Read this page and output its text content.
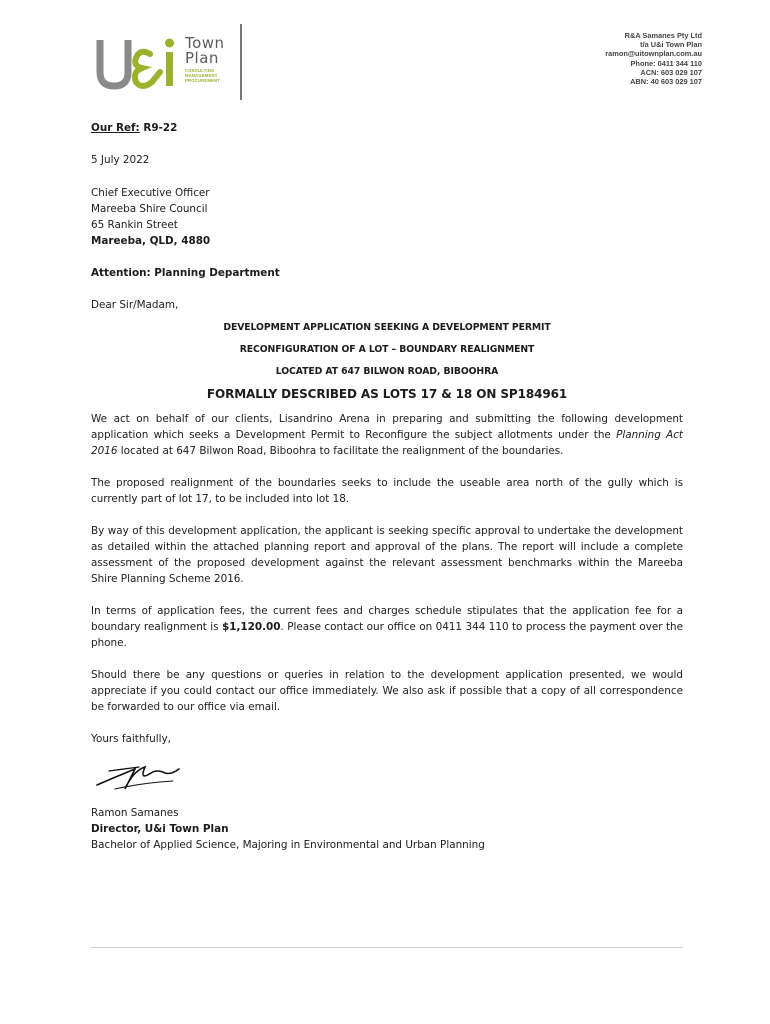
Town
Plan
CONSULTING
MANAGEMENT
PROCUREMENT
R&A Samanes Pty Ltd
t/a U&i Town Plan
ramon@uitownplan.com.au
Phone: 0411 344 110
ACN: 603 029 107
ABN: 40 603 029 107
Our Ref: R9-22
5 July 2022
Chief Executive Officer
Mareeba Shire Council
65 Rankin Street
Mareeba, QLD, 4880
Attention: Planning Department
Dear Sir/Madam,
DEVELOPMENT APPLICATION SEEKING A DEVELOPMENT PERMIT
RECONFIGURATION OF A LOT – BOUNDARY REALIGNMENT
LOCATED AT 647 BILWON ROAD, BIBOOHRA
FORMALLY DESCRIBED AS LOTS 17 & 18 ON SP184961
We act on behalf of our clients, Lisandrino Arena in preparing and submitting the following development application which seeks a Development Permit to Reconfigure the subject allotments under the Planning Act 2016 located at 647 Bilwon Road, Biboohra to facilitate the realignment of the boundaries.
The proposed realignment of the boundaries seeks to include the useable area north of the gully which is currently part of lot 17, to be included into lot 18.
By way of this development application, the applicant is seeking specific approval to undertake the development as detailed within the attached planning report and approval of the plans. The report will include a complete assessment of the proposed development against the relevant assessment benchmarks within the Mareeba Shire Planning Scheme 2016.
In terms of application fees, the current fees and charges schedule stipulates that the application fee for a boundary realignment is $1,120.00. Please contact our office on 0411 344 110 to process the payment over the phone.
Should there be any questions or queries in relation to the development application presented, we would appreciate if you could contact our office immediately. We also ask if possible that a copy of all correspondence be forwarded to our office via email.
Yours faithfully,
Ramon Samanes
Director, U&i Town Plan
Bachelor of Applied Science, Majoring in Environmental and Urban Planning
